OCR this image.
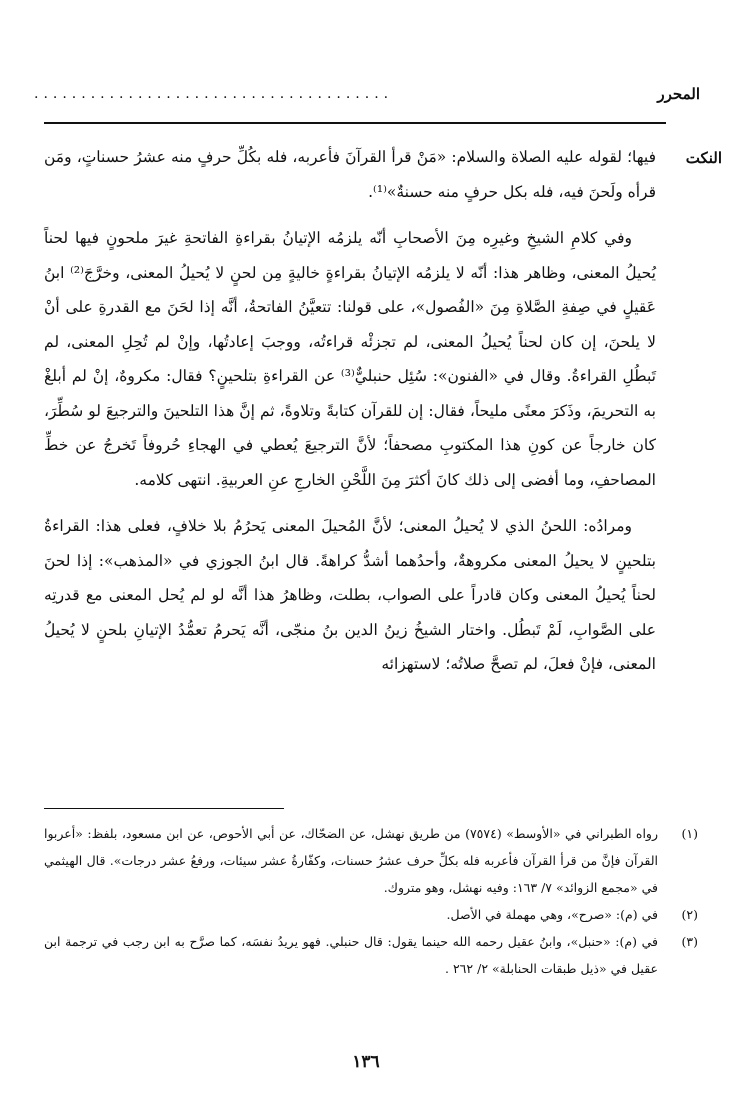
المحرر
......................................
النكت

فيها؛ لقوله عليه الصلاة والسلام: «مَنْ قرأ القرآنَ فأعربه، فله بكُلِّ حرفٍ منه عشرُ حسناتٍ، ومَن قرأه ولَحنَ فيه، فله بكل حرفٍ منه حسنةٌ»⁽¹⁾.

وفي كلامِ الشيخِ وغيرِه مِنَ الأصحابِ أنّه يلزمُه الإتيانُ بقراءةِ الفاتحةِ غيرَ ملحونٍ فيها لحناً يُحيلُ المعنى، وظاهر هذا: أنّه لا يلزمُه الإتيانُ بقراءةٍ خاليةٍ مِن لحنٍ لا يُحيلُ المعنى، وخرَّجَ⁽²⁾ ابنُ عَقيلٍ في صِفةِ الصَّلاةِ مِنَ «الفُصول»، على قولنا: تتعيَّنُ الفاتحةُ، أنَّه إذا لحَنَ مع القدرةِ على أنْ لا يلحنَ، إن كان لحناً يُحيلُ المعنى، لم تجزئْه قراءتُه، ووجبَ إعادتُها، وإنْ لم تُحِلِ المعنى، لم تَبطُلِ القراءةُ. وقال في «الفنون»: سُئِل حنبليٌّ⁽³⁾ عن القراءةِ بتلحينٍ؟ فقال: مكروهٌ، إنْ لم أبلغْ به التحريمَ، وذَكرَ معنًى مليحاً، فقال: إن للقرآن كتابةً وتلاوةً، ثم إنَّ هذا التلحينَ والترجيعَ لو سُطِّرَ، كان خارجاً عن كونِ هذا المكتوبِ مصحفاً؛ لأنَّ الترجيعَ يُعطي في الهجاءِ حُروفاً تَخرجُ عن خطِّ المصاحفِ، وما أفضى إلى ذلك كانَ أكثرَ مِنَ اللَّحْنِ الخارجِ عنِ العربيةِ. انتهى كلامه.

ومرادُه: اللحنُ الذي لا يُحيلُ المعنى؛ لأنَّ المُحيلَ المعنى يَحرُمُ بلا خلافٍ، فعلى هذا: القراءةُ بتلحينٍ لا يحيلُ المعنى مكروهةٌ، وأحدُهما أشدُّ كراهةً. قال ابنُ الجوزي في «المذهب»: إذا لحنَ لحناً يُحيلُ المعنى وكان قادراً على الصواب، بطلت، وظاهرُ هذا أنَّه لو لم يُحل المعنى مع قدرتِه على الصَّوابِ، لَمْ تَبطُل. واختار الشيخُ زينُ الدين بنُ منجّى، أنَّه يَحرمُ تعمُّدُ الإتيانِ بلحنٍ لا يُحيلُ المعنى، فإنْ فعلَ، لم تصحَّ صلاتُه؛ لاستهزائه

(١)
رواه الطبراني في «الأوسط» (٧٥٧٤) من طريق نهشل، عن الضحّاك، عن أبي الأحوص، عن ابن مسعود، بلفظ: «أعربوا القرآن فإنَّ من قرأ القرآن فأعربه فله بكلِّ حرف عشرُ حسنات، وكفّارةُ عشر سيئات، ورفعُ عشر درجات». قال الهيثمي في «مجمع الزوائد» ٧/ ١٦٣: وفيه نهشل، وهو متروك.
(٢)
في (م): «صرح»، وهي مهملة في الأصل.
(٣)
في (م): «حنبل»، وابنُ عقيل رحمه الله حينما يقول: قال حنبلي. فهو يريدُ نفسَه، كما صرَّح به ابن رجب في ترجمة ابن عقيل في «ذيل طبقات الحنابلة» ٢/ ٢٦٢ .
١٣٦
